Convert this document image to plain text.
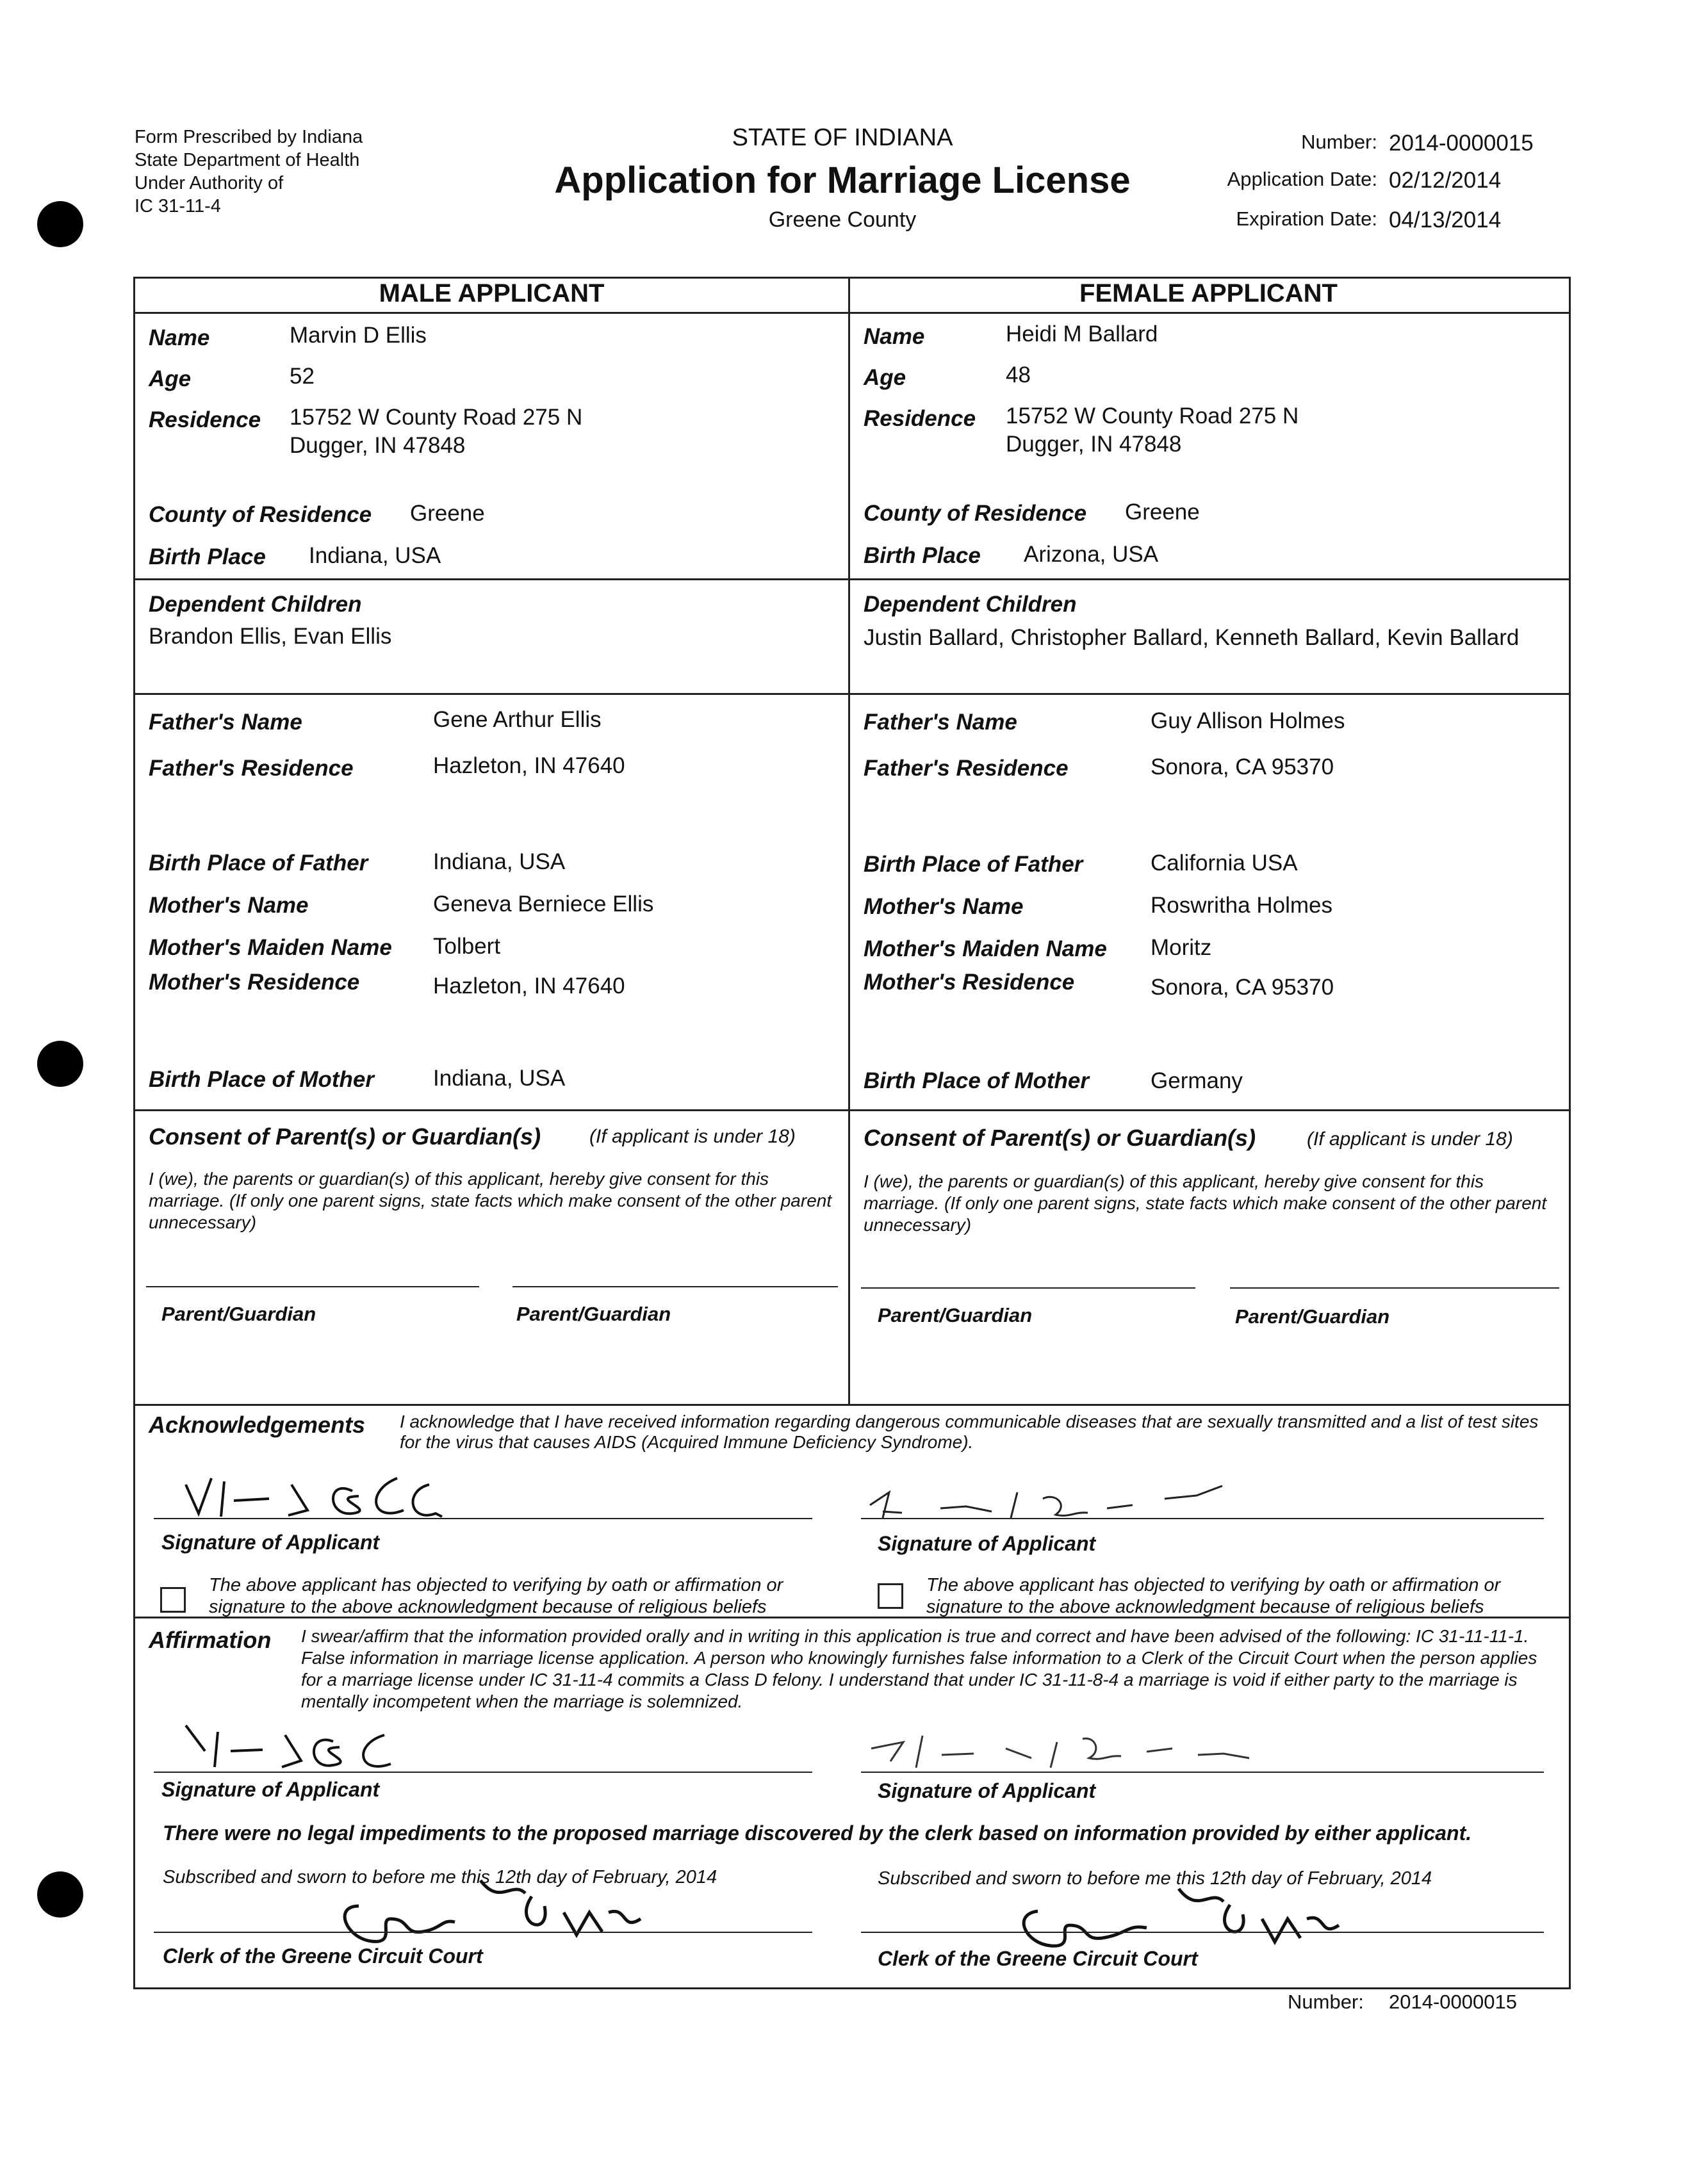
Form Prescribed by Indiana
State Department of Health
Under Authority of
IC 31-11-4
STATE OF INDIANA
Application for Marriage License
Greene County
Number: 2014-0000015
Application Date: 02/12/2014
Expiration Date: 04/13/2014
MALE APPLICANT	FEMALE APPLICANT
Name	Marvin D Ellis
Age	52
Residence 15752 W County Road 275 N
Dugger, IN 47848
County of Residence Greene
Birth Place Indiana, USA
Dependent Children
Brandon Ellis, Evan Ellis
Father's Name	Gene Arthur Ellis
Father's Residence	Hazleton, IN 47640
Birth Place of Father	Indiana, USA
Mother's Name	Geneva Berniece Ellis
Mother's Maiden Name Tolbert
Mother's Residence	Hazleton, IN 47640
Birth Place of Mother	Indiana, USA
Consent of Parent(s) or Guardian(s)	(If applicant is under 18)
I (we), the parents or guardian(s) of this applicant, hereby give consent for this marriage. (If only one parent signs, state facts which make consent of the other parent unnecessary)
Parent/Guardian	Parent/Guardian
Name	Heidi M Ballard
Age	48
Residence 15752 W County Road 275 N
Dugger, IN 47848
County of Residence Greene
Birth Place Arizona, USA
Dependent Children
Justin Ballard, Christopher Ballard, Kenneth Ballard, Kevin Ballard
Father's Name	Guy Allison Holmes
Father's Residence	Sonora, CA 95370
Birth Place of Father	California USA
Mother's Name	Roswritha Holmes
Mother's Maiden Name Moritz
Mother's Residence	Sonora, CA 95370
Birth Place of Mother	Germany
Consent of Parent(s) or Guardian(s)	(If applicant is under 18)
I (we), the parents or guardian(s) of this applicant, hereby give consent for this marriage. (If only one parent signs, state facts which make consent of the other parent unnecessary)
Parent/Guardian	Parent/Guardian
Acknowledgements I acknowledge that I have received information regarding dangerous communicable diseases that are sexually transmitted and a list of test sites for the virus that causes AIDS (Acquired Immune Deficiency Syndrome).
Signature of Applicant
The above applicant has objected to verifying by oath or affirmation or signature to the above acknowledgment because of religious beliefs
Signature of Applicant
The above applicant has objected to verifying by oath or affirmation or signature to the above acknowledgment because of religious beliefs
Affirmation I swear/affirm that the information provided orally and in writing in this application is true and correct and have been advised of the following: IC 31-11-11-1. False information in marriage license application. A person who knowingly furnishes false information to a Clerk of the Circuit Court when the person applies for a marriage license under IC 31-11-4 commits a Class D felony. I understand that under IC 31-11-8-4 a marriage is void if either party to the marriage is mentally incompetent when the marriage is solemnized.
Signature of Applicant	Signature of Applicant
There were no legal impediments to the proposed marriage discovered by the clerk based on information provided by either applicant.
Subscribed and sworn to before me this 12th day of February, 2014
Clerk of the Greene Circuit Court
Subscribed and sworn to before me this 12th day of February, 2014
Clerk of the Greene Circuit Court
Number: 2014-0000015
